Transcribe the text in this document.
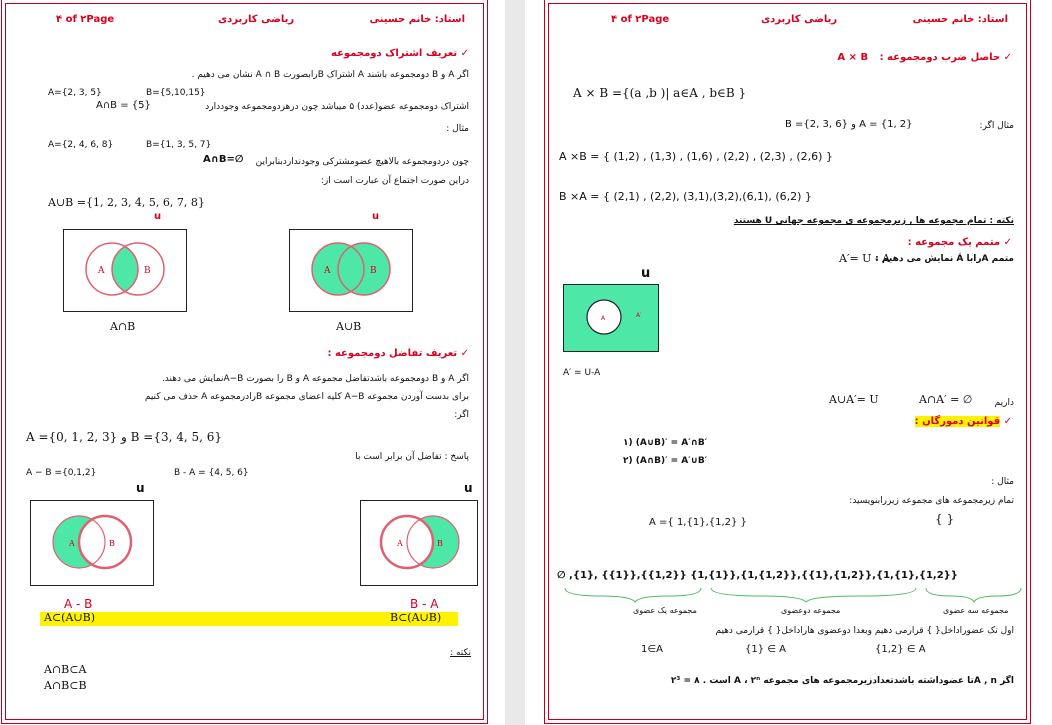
استاد: خانم حسینی
ریاضی کاربردی
۴ of ۲Page
✓ تعریف اشتراک دومجموعه
اگر A و B دومجموعه باشند A اشتراک Bرابصورت A ∩ B نشان می دهیم .
A={2, 3, 5}	B={5,10,15}
اشتراک دومجموعه عضو(عدد) ۵ میباشد چون درهردومجموعه وجوددارد
A∩B = {5}
مثال :
A={2, 4, 6, 8}	B={1, 3, 5, 7}
A∩B=∅ چون دردومجموعه بالاهیچ عضومشترکی وجودنداردبنابراین
دراین صورت اجتماع آن عبارت است از:
A∪B ={1, 2, 3, 4, 5, 6, 7, 8}
u
A	B
A∩B
u
A	B
A∪B
✓ تعریف تفاضل دومجموعه :
اگر A و B دومجموعه باشدتفاضل مجموعه A و B را بصورت A−Bنمایش می دهند.
برای بدست آوردن مجموعه A−B کلیه اعضای مجموعه Bرادرمجموعه A حذف می کنیم
اگر:
A ={0, 1, 2, 3} و B ={3, 4, 5, 6}
پاسخ : تفاضل آن برابر است با
A − B ={0,1,2}	B - A = {4, 5, 6}
u
A	B
u
A	B
A - B	B - A
A⊂(A∪B)	B⊂(A∪B)
نکته :
A∩B⊂A
A∩B⊂B
استاد: خانم حسینی
ریاضی کاربردی
۴ of ۲Page
✓ حاصل ضرب دومجموعه : A × B
A × B ={(a ,b )| a∈A , b∈B }
مثال اگر:
B ={2, 3, 6} و A = {1, 2}
A ×B = { (1,2) , (1,3) , (1,6) , (2,2) , (2,3) , (2,6) }
B ×A = { (2,1) , (2,2), (3,1),(3,2),(6,1), (6,2) }
نکته : تمام مجموعه ها , زیرمجموعه ی مجموعه جهانی U هستند
✓ متمم یک مجموعه :
متمم Aرابا Á نمایش می دهیم :
A′= U - A
u
A	A′
A′ = U-A
داریم
A∪A′= U	A∩A′ = ∅
✓ قوانین دمورگان :
۱) (A∪B)′ = A′∩B′
۲) (A∩B)′ = A′∪B′
مثال :
تمام زیرمجموعه های مجموعه زیررابنویسید:
A ={ 1,{1},{1,2} }	{ }
∅ ,{1}, {{1}},{{1,2}} {1,{1}},{1,{1,2}},{{1},{1,2}},{1,{1},{1,2}}
مجموعه یک عضوی	مجموعه دوعضوی	مجموعه سه عضوی
اول تک عضوراداخل{ } قرارمی دهیم وبعدا دوعضوی هاراداخل{ } قرارمی دهیم
1∈A	{1} ∈ A	{1,2} ∈ A
اگر A , nتا عضوداشته باشدتعدادزیرمجموعه های مجموعه A ، ۲ⁿ است . ۸ = ۲³
